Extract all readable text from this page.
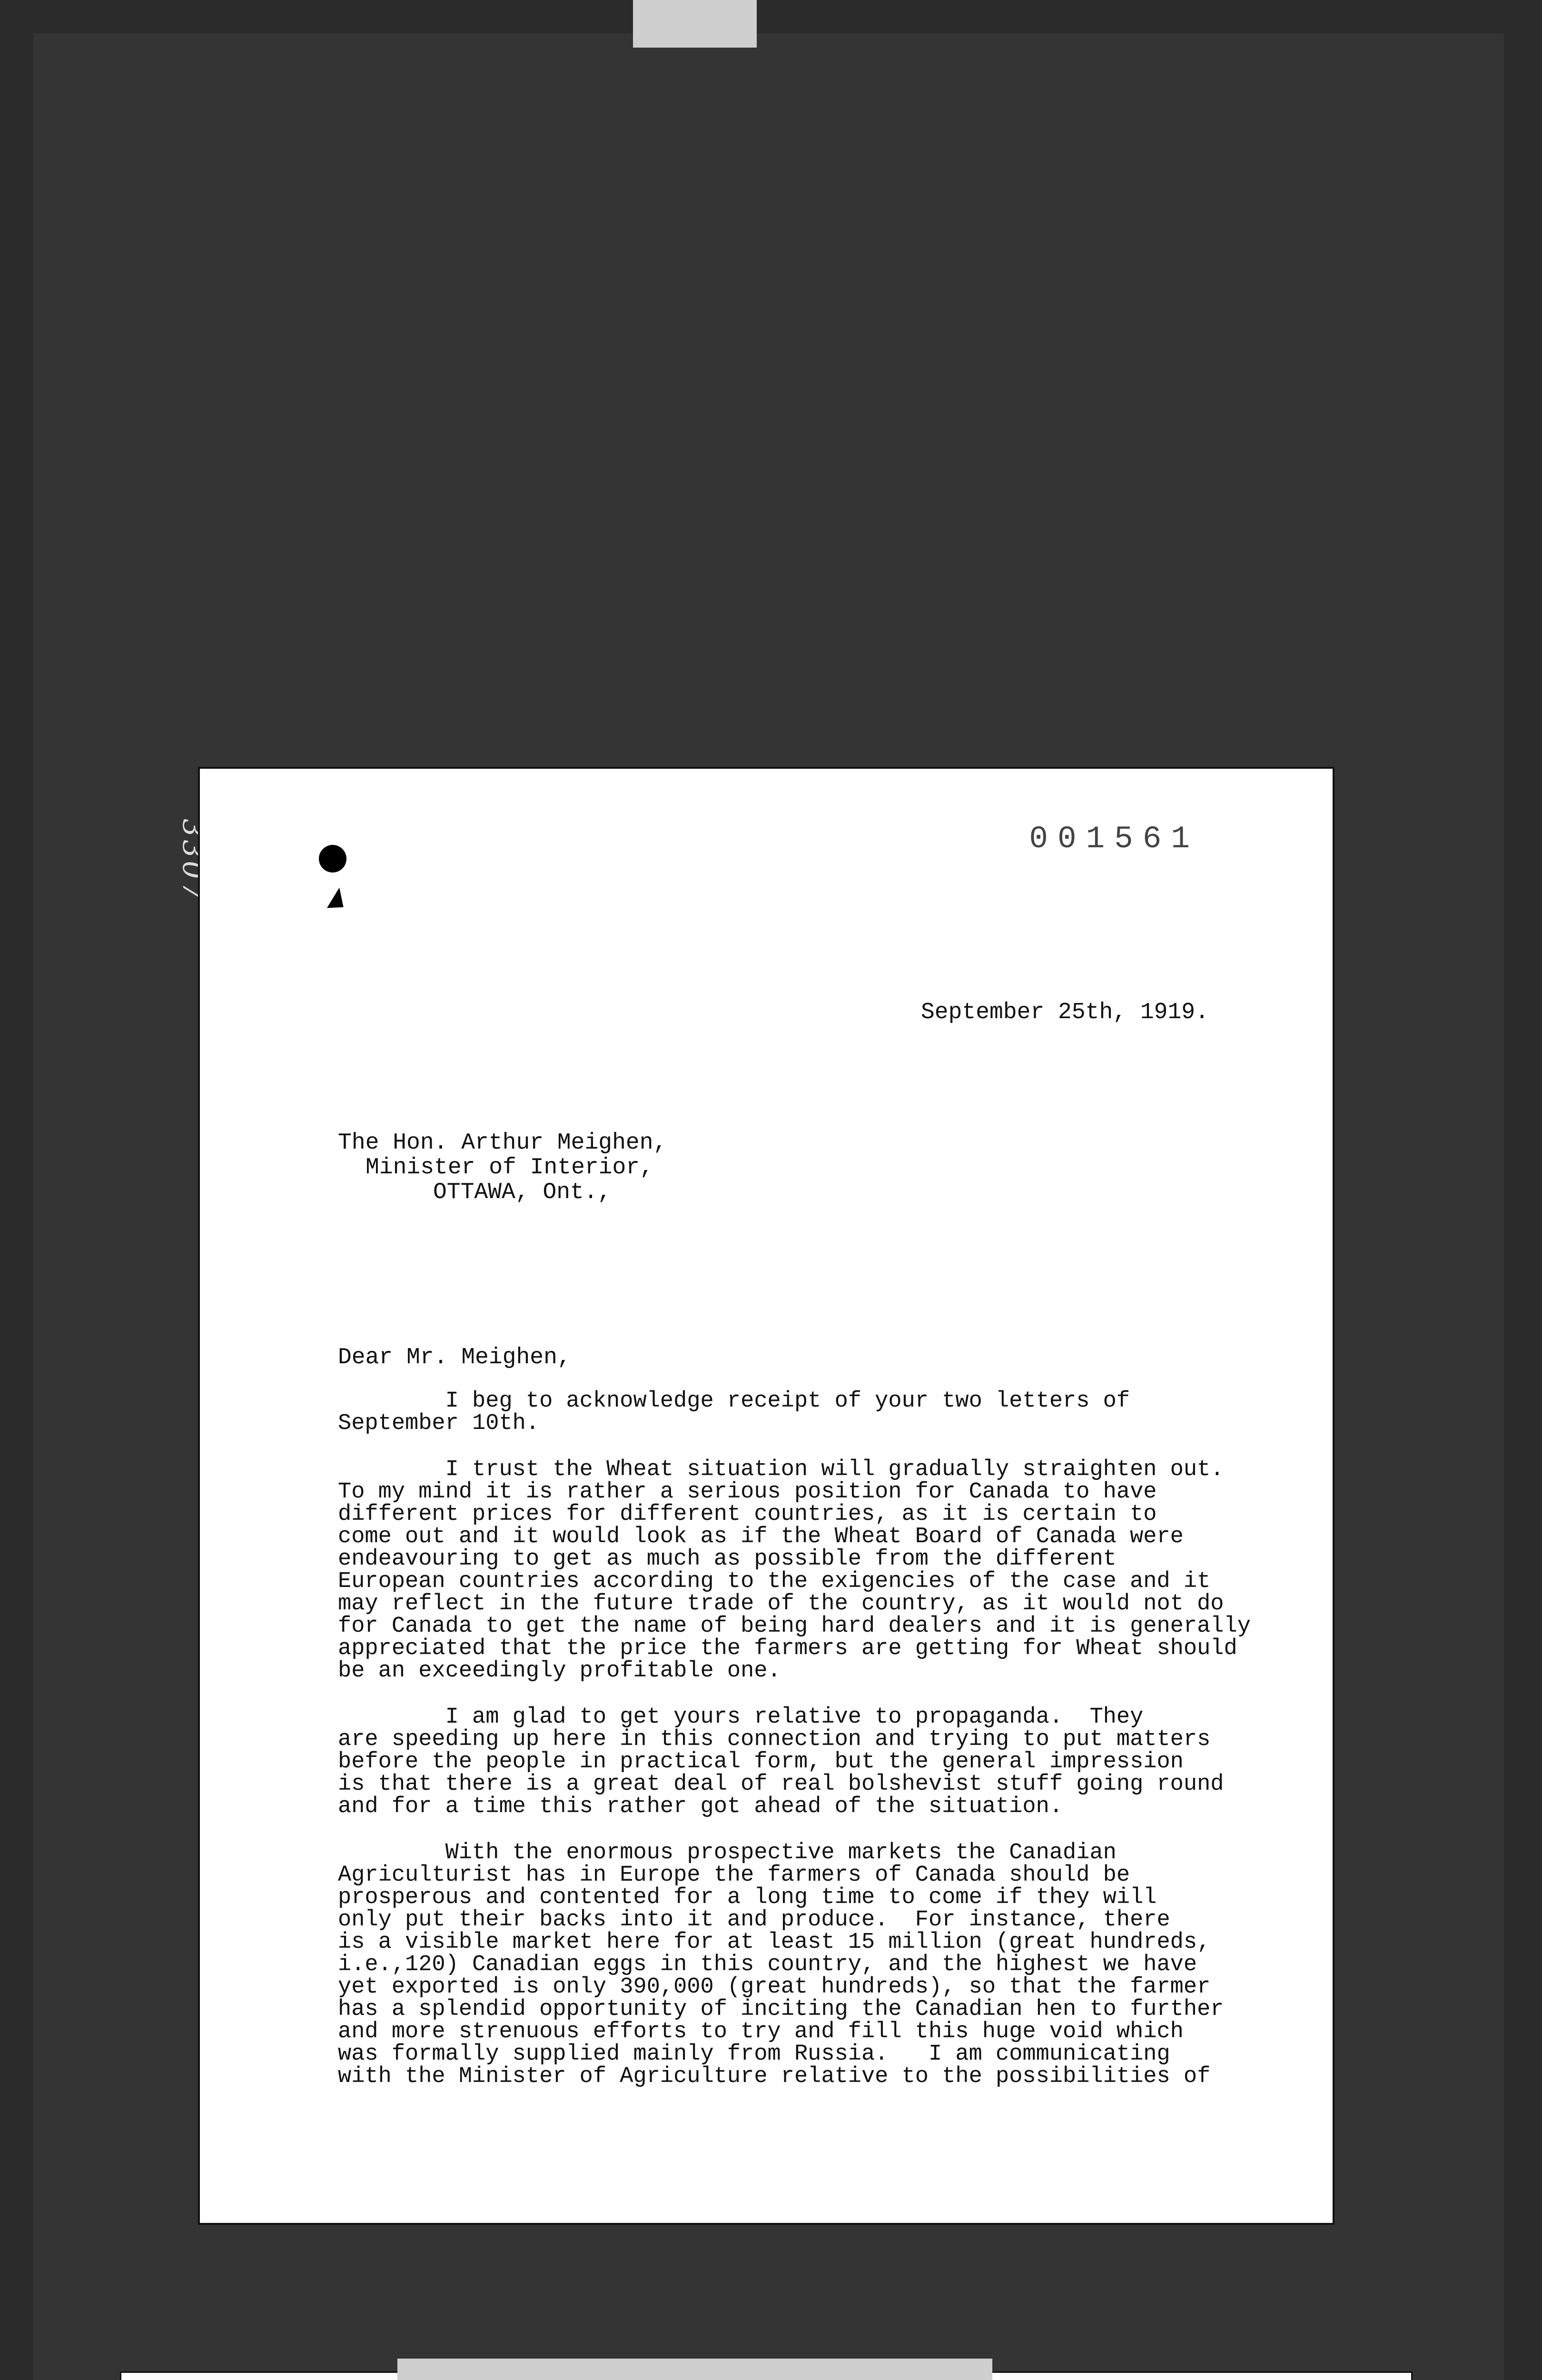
001561
September 25th, 1919.
The Hon. Arthur Meighen,
Minister of Interior,
OTTAWA, Ont.,
Dear Mr. Meighen,

I beg to acknowledge receipt of your two letters of
September 10th.

I trust the Wheat situation will gradually straighten out.
To my mind it is rather a serious position for Canada to have
different prices for different countries, as it is certain to
come out and it would look as if the Wheat Board of Canada were
endeavouring to get as much as possible from the different
European countries according to the exigencies of the case and it
may reflect in the future trade of the country, as it would not do
for Canada to get the name of being hard dealers and it is generally
appreciated that the price the farmers are getting for Wheat should
be an exceedingly profitable one.

I am glad to get yours relative to propaganda.  They
are speeding up here in this connection and trying to put matters
before the people in practical form, but the general impression
is that there is a great deal of real bolshevist stuff going round
and for a time this rather got ahead of the situation.

With the enormous prospective markets the Canadian
Agriculturist has in Europe the farmers of Canada should be
prosperous and contented for a long time to come if they will
only put their backs into it and produce.  For instance, there
is a visible market here for at least 15 million (great hundreds,
i.e.,120) Canadian eggs in this country, and the highest we have
yet exported is only 390,000 (great hundreds), so that the farmer
has a splendid opportunity of inciting the Canadian hen to further
and more strenuous efforts to try and fill this huge void which
was formally supplied mainly from Russia.   I am communicating
with the Minister of Agriculture relative to the possibilities of
